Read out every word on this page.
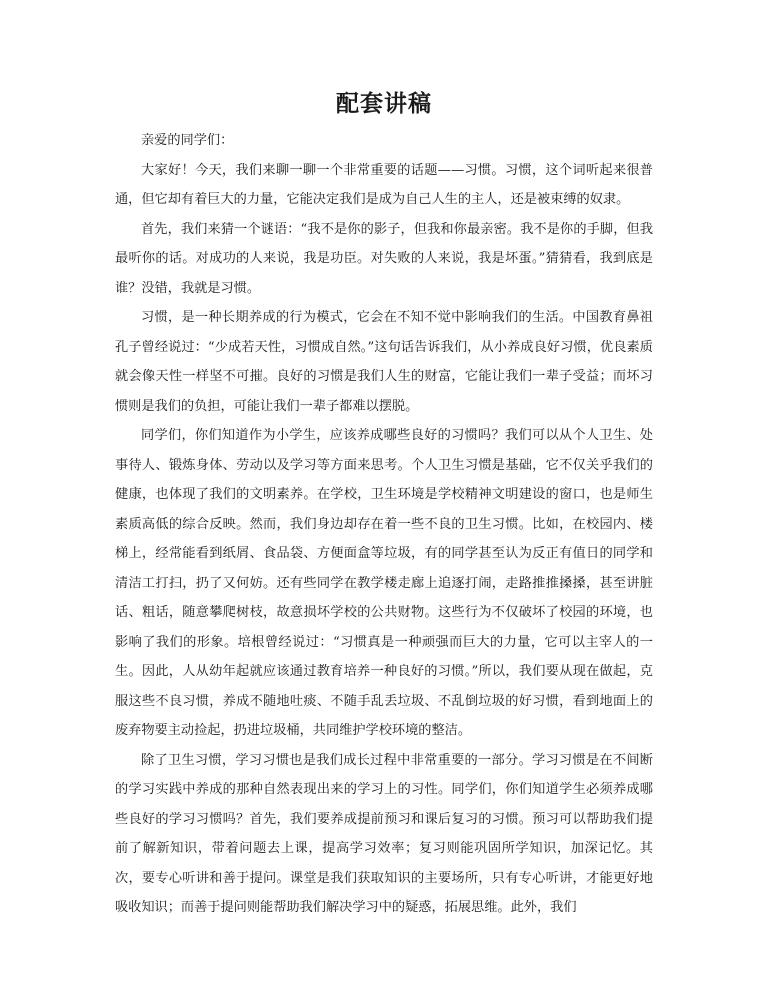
配套讲稿

亲爱的同学们：

大家好！今天，我们来聊一聊一个非常重要的话题——习惯。习惯，这个词听起来很普通，但它却有着巨大的力量，它能决定我们是成为自己人生的主人，还是被束缚的奴隶。

首先，我们来猜一个谜语：“我不是你的影子，但我和你最亲密。我不是你的手脚，但我最听你的话。对成功的人来说，我是功臣。对失败的人来说，我是坏蛋。”猜猜看，我到底是谁？没错，我就是习惯。

习惯，是一种长期养成的行为模式，它会在不知不觉中影响我们的生活。中国教育鼻祖孔子曾经说过：“少成若天性，习惯成自然。”这句话告诉我们，从小养成良好习惯，优良素质就会像天性一样坚不可摧。良好的习惯是我们人生的财富，它能让我们一辈子受益；而坏习惯则是我们的负担，可能让我们一辈子都难以摆脱。

同学们，你们知道作为小学生，应该养成哪些良好的习惯吗？我们可以从个人卫生、处事待人、锻炼身体、劳动以及学习等方面来思考。个人卫生习惯是基础，它不仅关乎我们的健康，也体现了我们的文明素养。在学校，卫生环境是学校精神文明建设的窗口，也是师生素质高低的综合反映。然而，我们身边却存在着一些不良的卫生习惯。比如，在校园内、楼梯上，经常能看到纸屑、食品袋、方便面盒等垃圾，有的同学甚至认为反正有值日的同学和清洁工打扫，扔了又何妨。还有些同学在教学楼走廊上追逐打闹，走路推推搡搡，甚至讲脏话、粗话，随意攀爬树枝，故意损坏学校的公共财物。这些行为不仅破坏了校园的环境，也影响了我们的形象。培根曾经说过：“习惯真是一种顽强而巨大的力量，它可以主宰人的一生。因此，人从幼年起就应该通过教育培养一种良好的习惯。”所以，我们要从现在做起，克服这些不良习惯，养成不随地吐痰、不随手乱丢垃圾、不乱倒垃圾的好习惯，看到地面上的废弃物要主动捡起，扔进垃圾桶，共同维护学校环境的整洁。

除了卫生习惯，学习习惯也是我们成长过程中非常重要的一部分。学习习惯是在不间断的学习实践中养成的那种自然表现出来的学习上的习性。同学们，你们知道学生必须养成哪些良好的学习习惯吗？首先，我们要养成提前预习和课后复习的习惯。预习可以帮助我们提前了解新知识，带着问题去上课，提高学习效率；复习则能巩固所学知识，加深记忆。其次，要专心听讲和善于提问。课堂是我们获取知识的主要场所，只有专心听讲，才能更好地吸收知识；而善于提问则能帮助我们解决学习中的疑惑，拓展思维。此外，我们
